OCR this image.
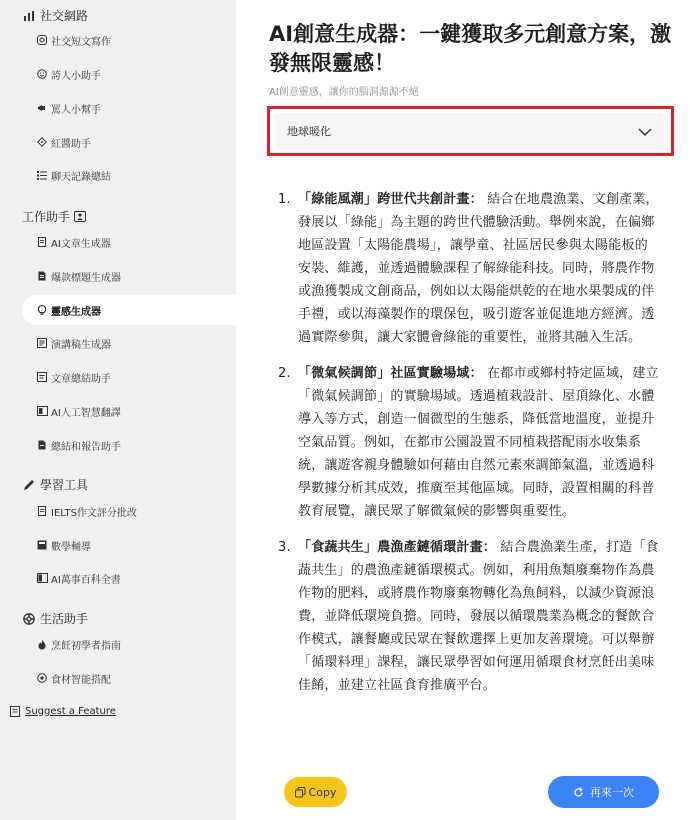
社交網路
社交短文寫作
誇人小助手
罵人小幫手
紅醬助手
聊天記錄總結
工作助手
AI文章生成器
爆款標題生成器
靈感生成器
演講稿生成器
文章總結助手
AI人工智慧翻譯
總結和報告助手
學習工具
IELTS作文評分批改
數學輔導
AI萬事百科全書
生活助手
烹飪初學者指南
食材智能搭配
Suggest a Feature
AI創意生成器：一鍵獲取多元創意方案，激發無限靈感！
AI創意靈感，讓你的腦洞源源不絕
地球暖化
1. 「綠能風潮」跨世代共創計畫： 結合在地農漁業、文創產業，發展以「綠能」為主題的跨世代體驗活動。舉例來說，在偏鄉地區設置「太陽能農場」，讓學童、社區居民參與太陽能板的安裝、維護，並透過體驗課程了解綠能科技。同時，將農作物或漁獲製成文創商品，例如以太陽能烘乾的在地水果製成的伴手禮，或以海藻製作的環保包，吸引遊客並促進地方經濟。透過實際參與，讓大家體會綠能的重要性，並將其融入生活。
2. 「微氣候調節」社區實驗場域： 在都市或鄉村特定區域，建立「微氣候調節」的實驗場域。透過植栽設計、屋頂綠化、水體導入等方式，創造一個微型的生態系，降低當地溫度，並提升空氣品質。例如，在都市公園設置不同植栽搭配雨水收集系統，讓遊客親身體驗如何藉由自然元素來調節氣溫，並透過科學數據分析其成效，推廣至其他區域。同時，設置相關的科普教育展覽，讓民眾了解微氣候的影響與重要性。
3. 「食蔬共生」農漁產鏈循環計畫： 結合農漁業生產，打造「食蔬共生」的農漁產鏈循環模式。例如，利用魚類廢棄物作為農作物的肥料，或將農作物廢棄物轉化為魚飼料，以減少資源浪費，並降低環境負擔。同時，發展以循環農業為概念的餐飲合作模式，讓餐廳或民眾在餐飲選擇上更加友善環境。可以舉辦「循環料理」課程，讓民眾學習如何運用循環食材烹飪出美味佳餚，並建立社區食育推廣平台。
Copy	再來一次
